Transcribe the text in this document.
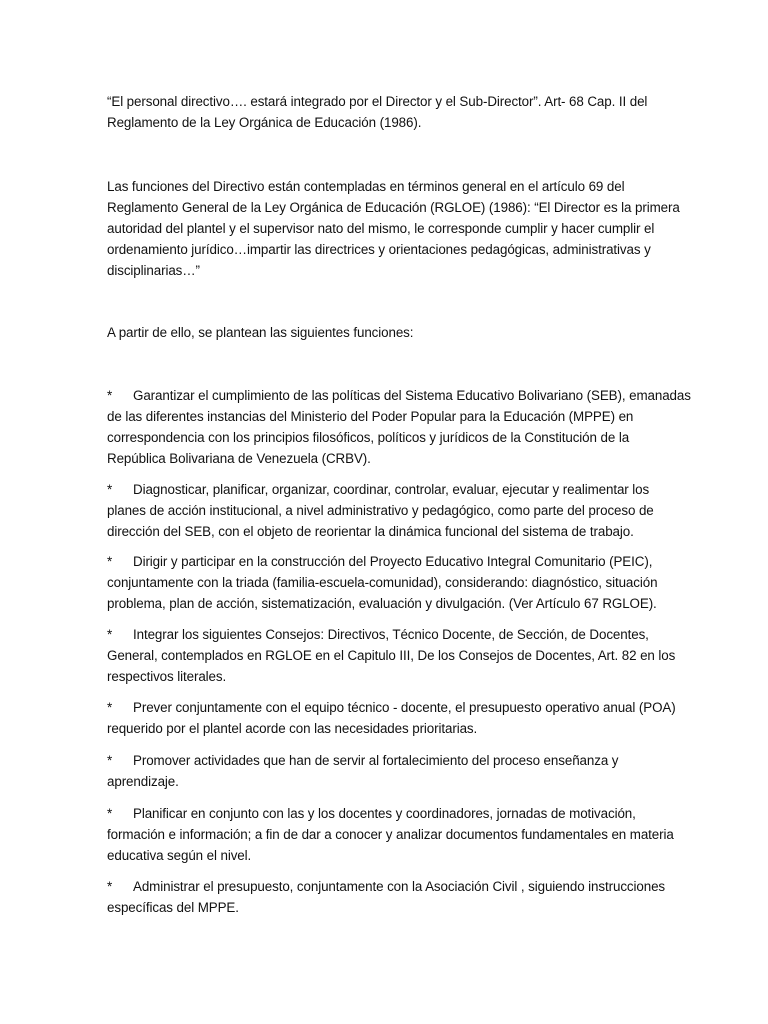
“El personal directivo…. estará integrado por el Director y el Sub-Director”. Art- 68 Cap. II del
Reglamento de la Ley Orgánica de Educación (1986).
Las funciones del Directivo están contempladas en términos general en el artículo 69 del
Reglamento General de la Ley Orgánica de Educación (RGLOE) (1986): “El Director es la primera
autoridad del plantel y el supervisor nato del mismo, le corresponde cumplir y hacer cumplir el
ordenamiento jurídico…impartir las directrices y orientaciones pedagógicas, administrativas y
disciplinarias…”
A partir de ello, se plantean las siguientes funciones:
* Garantizar el cumplimiento de las políticas del Sistema Educativo Bolivariano (SEB), emanadas
de las diferentes instancias del Ministerio del Poder Popular para la Educación (MPPE) en
correspondencia con los principios filosóficos, políticos y jurídicos de la Constitución de la
República Bolivariana de Venezuela (CRBV).
* Diagnosticar, planificar, organizar, coordinar, controlar, evaluar, ejecutar y realimentar los
planes de acción institucional, a nivel administrativo y pedagógico, como parte del proceso de
dirección del SEB, con el objeto de reorientar la dinámica funcional del sistema de trabajo.
* Dirigir y participar en la construcción del Proyecto Educativo Integral Comunitario (PEIC),
conjuntamente con la triada (familia-escuela-comunidad), considerando: diagnóstico, situación
problema, plan de acción, sistematización, evaluación y divulgación. (Ver Artículo 67 RGLOE).
* Integrar los siguientes Consejos: Directivos, Técnico Docente, de Sección, de Docentes,
General, contemplados en RGLOE en el Capitulo III, De los Consejos de Docentes, Art. 82 en los
respectivos literales.
* Prever conjuntamente con el equipo técnico - docente, el presupuesto operativo anual (POA)
requerido por el plantel acorde con las necesidades prioritarias.
* Promover actividades que han de servir al fortalecimiento del proceso enseñanza y
aprendizaje.
* Planificar en conjunto con las y los docentes y coordinadores, jornadas de motivación,
formación e información; a fin de dar a conocer y analizar documentos fundamentales en materia
educativa según el nivel.
* Administrar el presupuesto, conjuntamente con la Asociación Civil , siguiendo instrucciones
específicas del MPPE.
